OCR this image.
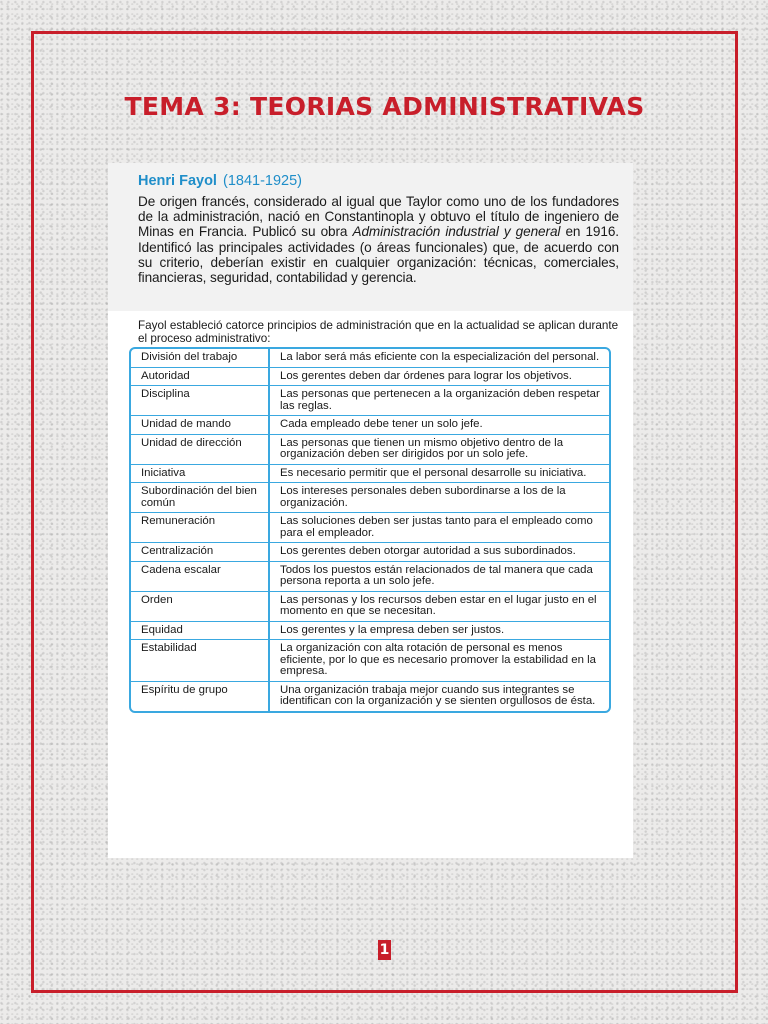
TEMA 3: TEORIAS ADMINISTRATIVAS
Henri Fayol (1841-1925)

De origen francés, considerado al igual que Taylor como uno de los fundadores de la administración, nació en Constantinopla y obtuvo el título de ingeniero de Minas en Francia. Publicó su obra Administración industrial y general en 1916. Identificó las principales actividades (o áreas funcionales) que, de acuerdo con su criterio, deberían existir en cualquier organización: técnicas, comerciales, financieras, seguridad, contabilidad y gerencia.

Fayol estableció catorce principios de administración que en la actualidad se aplican durante el proceso administrativo:

División del trabajo	La labor será más eficiente con la especialización del personal.
Autoridad	Los gerentes deben dar órdenes para lograr los objetivos.
Disciplina	Las personas que pertenecen a la organización deben respetar las reglas.
Unidad de mando	Cada empleado debe tener un solo jefe.
Unidad de dirección	Las personas que tienen un mismo objetivo dentro de la organización deben ser dirigidos por un solo jefe.
Iniciativa	Es necesario permitir que el personal desarrolle su iniciativa.
Subordinación del bien común	Los intereses personales deben subordinarse a los de la organización.
Remuneración	Las soluciones deben ser justas tanto para el empleado como para el empleador.
Centralización	Los gerentes deben otorgar autoridad a sus subordinados.
Cadena escalar	Todos los puestos están relacionados de tal manera que cada persona reporta a un solo jefe.
Orden	Las personas y los recursos deben estar en el lugar justo en el momento en que se necesitan.
Equidad	Los gerentes y la empresa deben ser justos.
Estabilidad	La organización con alta rotación de personal es menos eficiente, por lo que es necesario promover la estabilidad en la empresa.
Espíritu de grupo	Una organización trabaja mejor cuando sus integrantes se identifican con la organización y se sienten orgullosos de ésta.
1
